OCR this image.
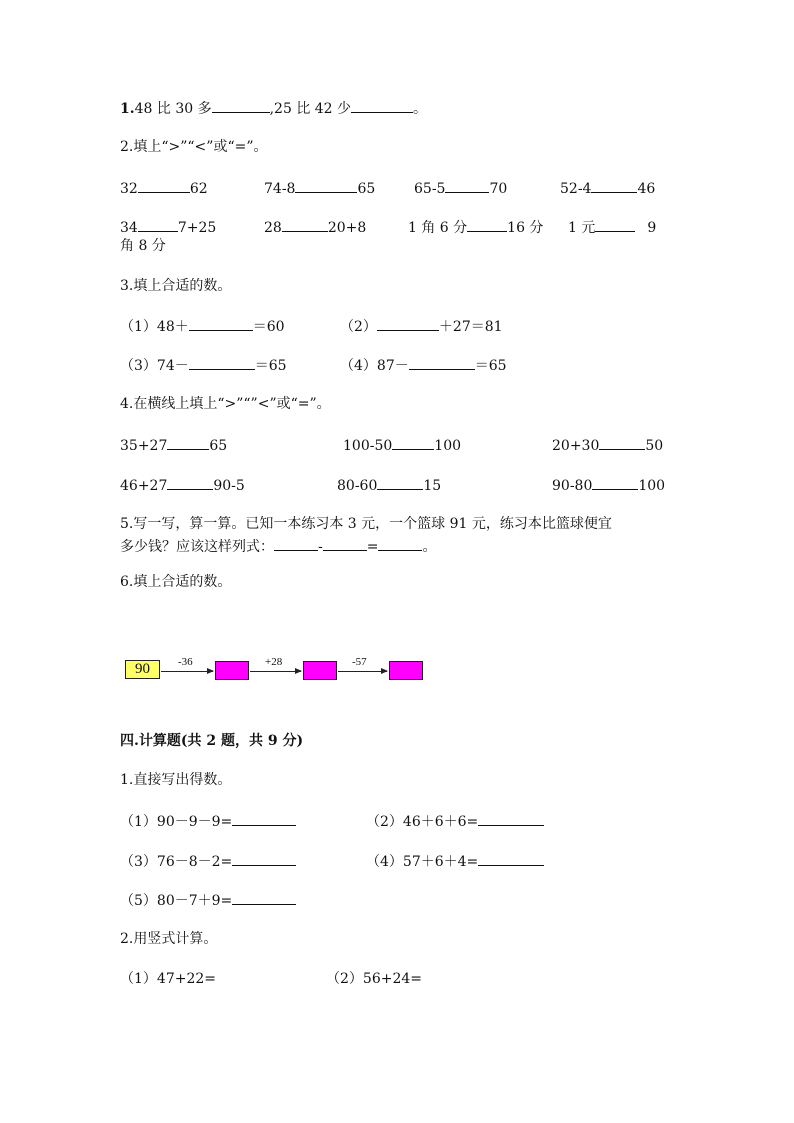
1.48 比 30 多	,25 比 42 少	。
2.填上“>”“<”或“=”。
32	62	74-8	65	65-5	70	52-4	46
34	7+25	28	20+8	1 角 6 分	16 分 1 元	9
角 8 分
3.填上合适的数。
（1）48＋	＝60	（2）	＋27＝81
（3）74－	＝65	（4）87－	＝65
4.在横线上填上“>”“”<”或“=”。
35+27	65	100-50	100	20+30	50
46+27	90-5	80-60	15	90-80	100
5.写一写，算一算。已知一本练习本 3 元，一个篮球 91 元，练习本比篮球便宜
多少钱？应该这样列式：	-	=	。
6.填上合适的数。
90	-36	+28	-57
四.计算题(共 2 题，共 9 分)
1.直接写出得数。
（1）90－9－9=	（2）46＋6＋6=
（3）76－8－2=	（4）57＋6＋4=
（5）80－7＋9=
2.用竖式计算。
（1）47+22=	（2）56+24=
